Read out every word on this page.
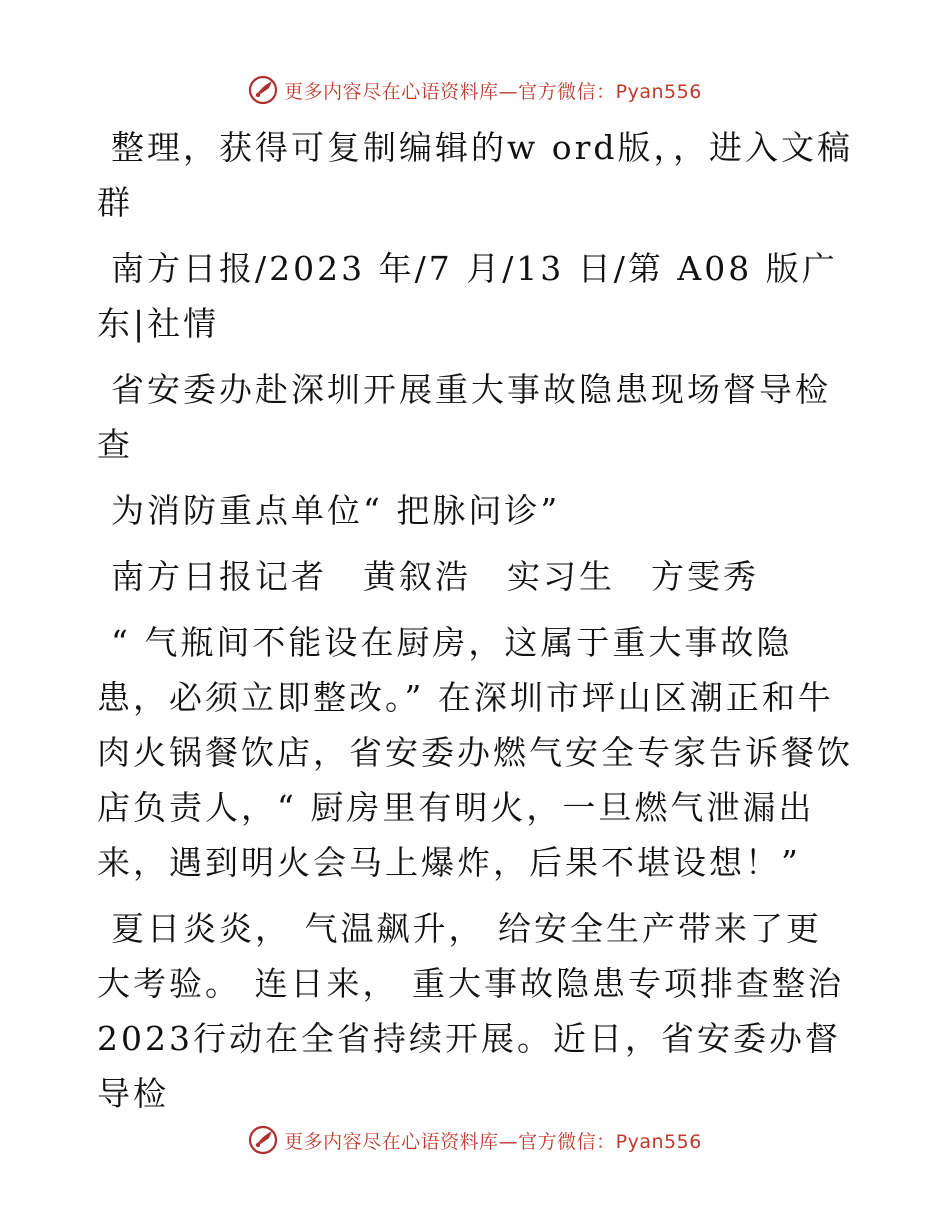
更多内容尽在心语资料库—官方微信：Pyan556

整理，获得可复制编辑的w ord版，，进入文稿群

南方日报/2023 年/7 月/13 日/第 A08 版广东|社情

省安委办赴深圳开展重大事故隐患现场督导检查

为消防重点单位“ 把脉问诊”

南方日报记者　黄叙浩　实习生　方雯秀

“ 气瓶间不能设在厨房，这属于重大事故隐患，必须立即整改。” 在深圳市坪山区潮正和牛肉火锅餐饮店，省安委办燃气安全专家告诉餐饮店负责人，“ 厨房里有明火，一旦燃气泄漏出来，遇到明火会马上爆炸，后果不堪设想！”

夏日炎炎， 气温飙升， 给安全生产带来了更大考验。 连日来， 重大事故隐患专项排查整治2023行动在全省持续开展。近日，省安委办督导检

更多内容尽在心语资料库—官方微信：Pyan556
